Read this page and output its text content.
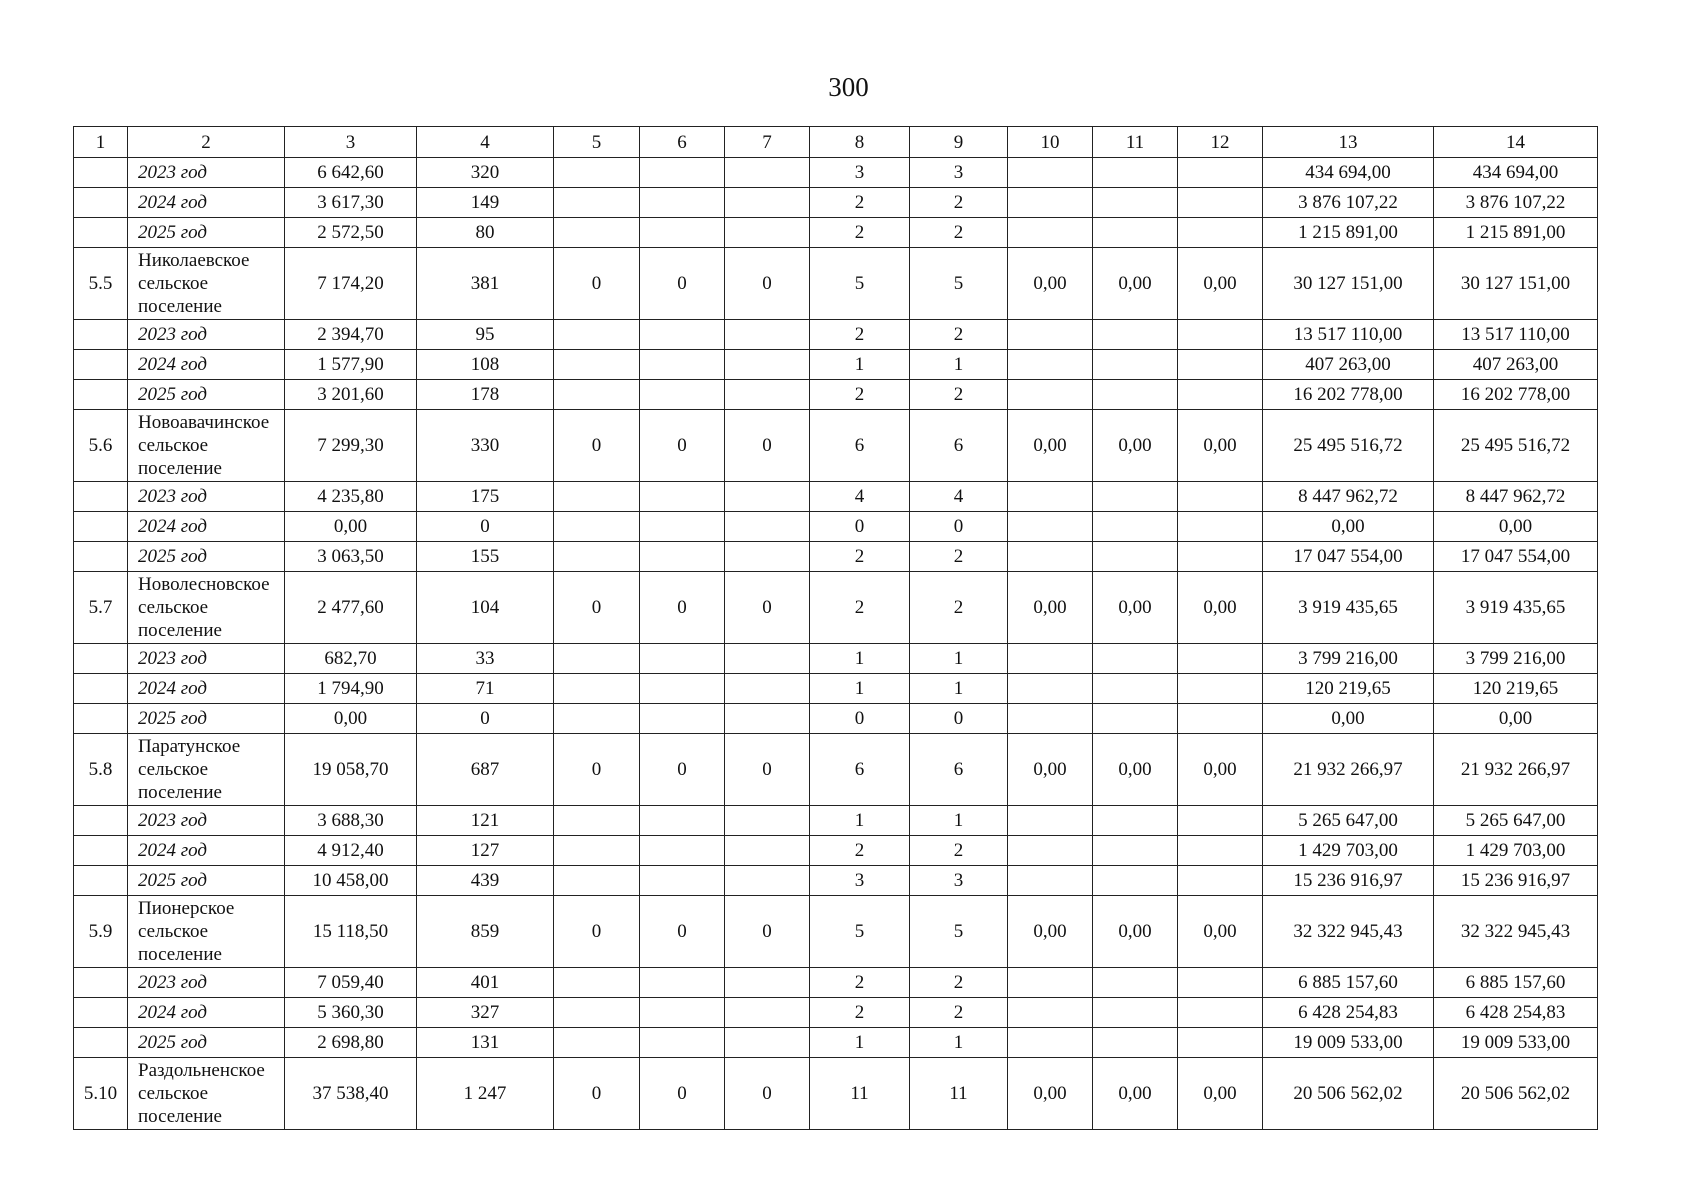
300
1	2	3	4	5	6	7	8	9	10	11	12	13	14
	2023 год	6 642,60	320				3	3				434 694,00	434 694,00
	2024 год	3 617,30	149				2	2				3 876 107,22	3 876 107,22
	2025 год	2 572,50	80				2	2				1 215 891,00	1 215 891,00
5.5	Николаевское сельское поселение	7 174,20	381	0	0	0	5	5	0,00	0,00	0,00	30 127 151,00	30 127 151,00
	2023 год	2 394,70	95				2	2				13 517 110,00	13 517 110,00
	2024 год	1 577,90	108				1	1				407 263,00	407 263,00
	2025 год	3 201,60	178				2	2				16 202 778,00	16 202 778,00
5.6	Новоавачинское сельское поселение	7 299,30	330	0	0	0	6	6	0,00	0,00	0,00	25 495 516,72	25 495 516,72
	2023 год	4 235,80	175				4	4				8 447 962,72	8 447 962,72
	2024 год	0,00	0				0	0				0,00	0,00
	2025 год	3 063,50	155				2	2				17 047 554,00	17 047 554,00
5.7	Новолесновское сельское поселение	2 477,60	104	0	0	0	2	2	0,00	0,00	0,00	3 919 435,65	3 919 435,65
	2023 год	682,70	33				1	1				3 799 216,00	3 799 216,00
	2024 год	1 794,90	71				1	1				120 219,65	120 219,65
	2025 год	0,00	0				0	0				0,00	0,00
5.8	Паратунское сельское поселение	19 058,70	687	0	0	0	6	6	0,00	0,00	0,00	21 932 266,97	21 932 266,97
	2023 год	3 688,30	121				1	1				5 265 647,00	5 265 647,00
	2024 год	4 912,40	127				2	2				1 429 703,00	1 429 703,00
	2025 год	10 458,00	439				3	3				15 236 916,97	15 236 916,97
5.9	Пионерское сельское поселение	15 118,50	859	0	0	0	5	5	0,00	0,00	0,00	32 322 945,43	32 322 945,43
	2023 год	7 059,40	401				2	2				6 885 157,60	6 885 157,60
	2024 год	5 360,30	327				2	2				6 428 254,83	6 428 254,83
	2025 год	2 698,80	131				1	1				19 009 533,00	19 009 533,00
5.10	Раздольненское сельское поселение	37 538,40	1 247	0	0	0	11	11	0,00	0,00	0,00	20 506 562,02	20 506 562,02
